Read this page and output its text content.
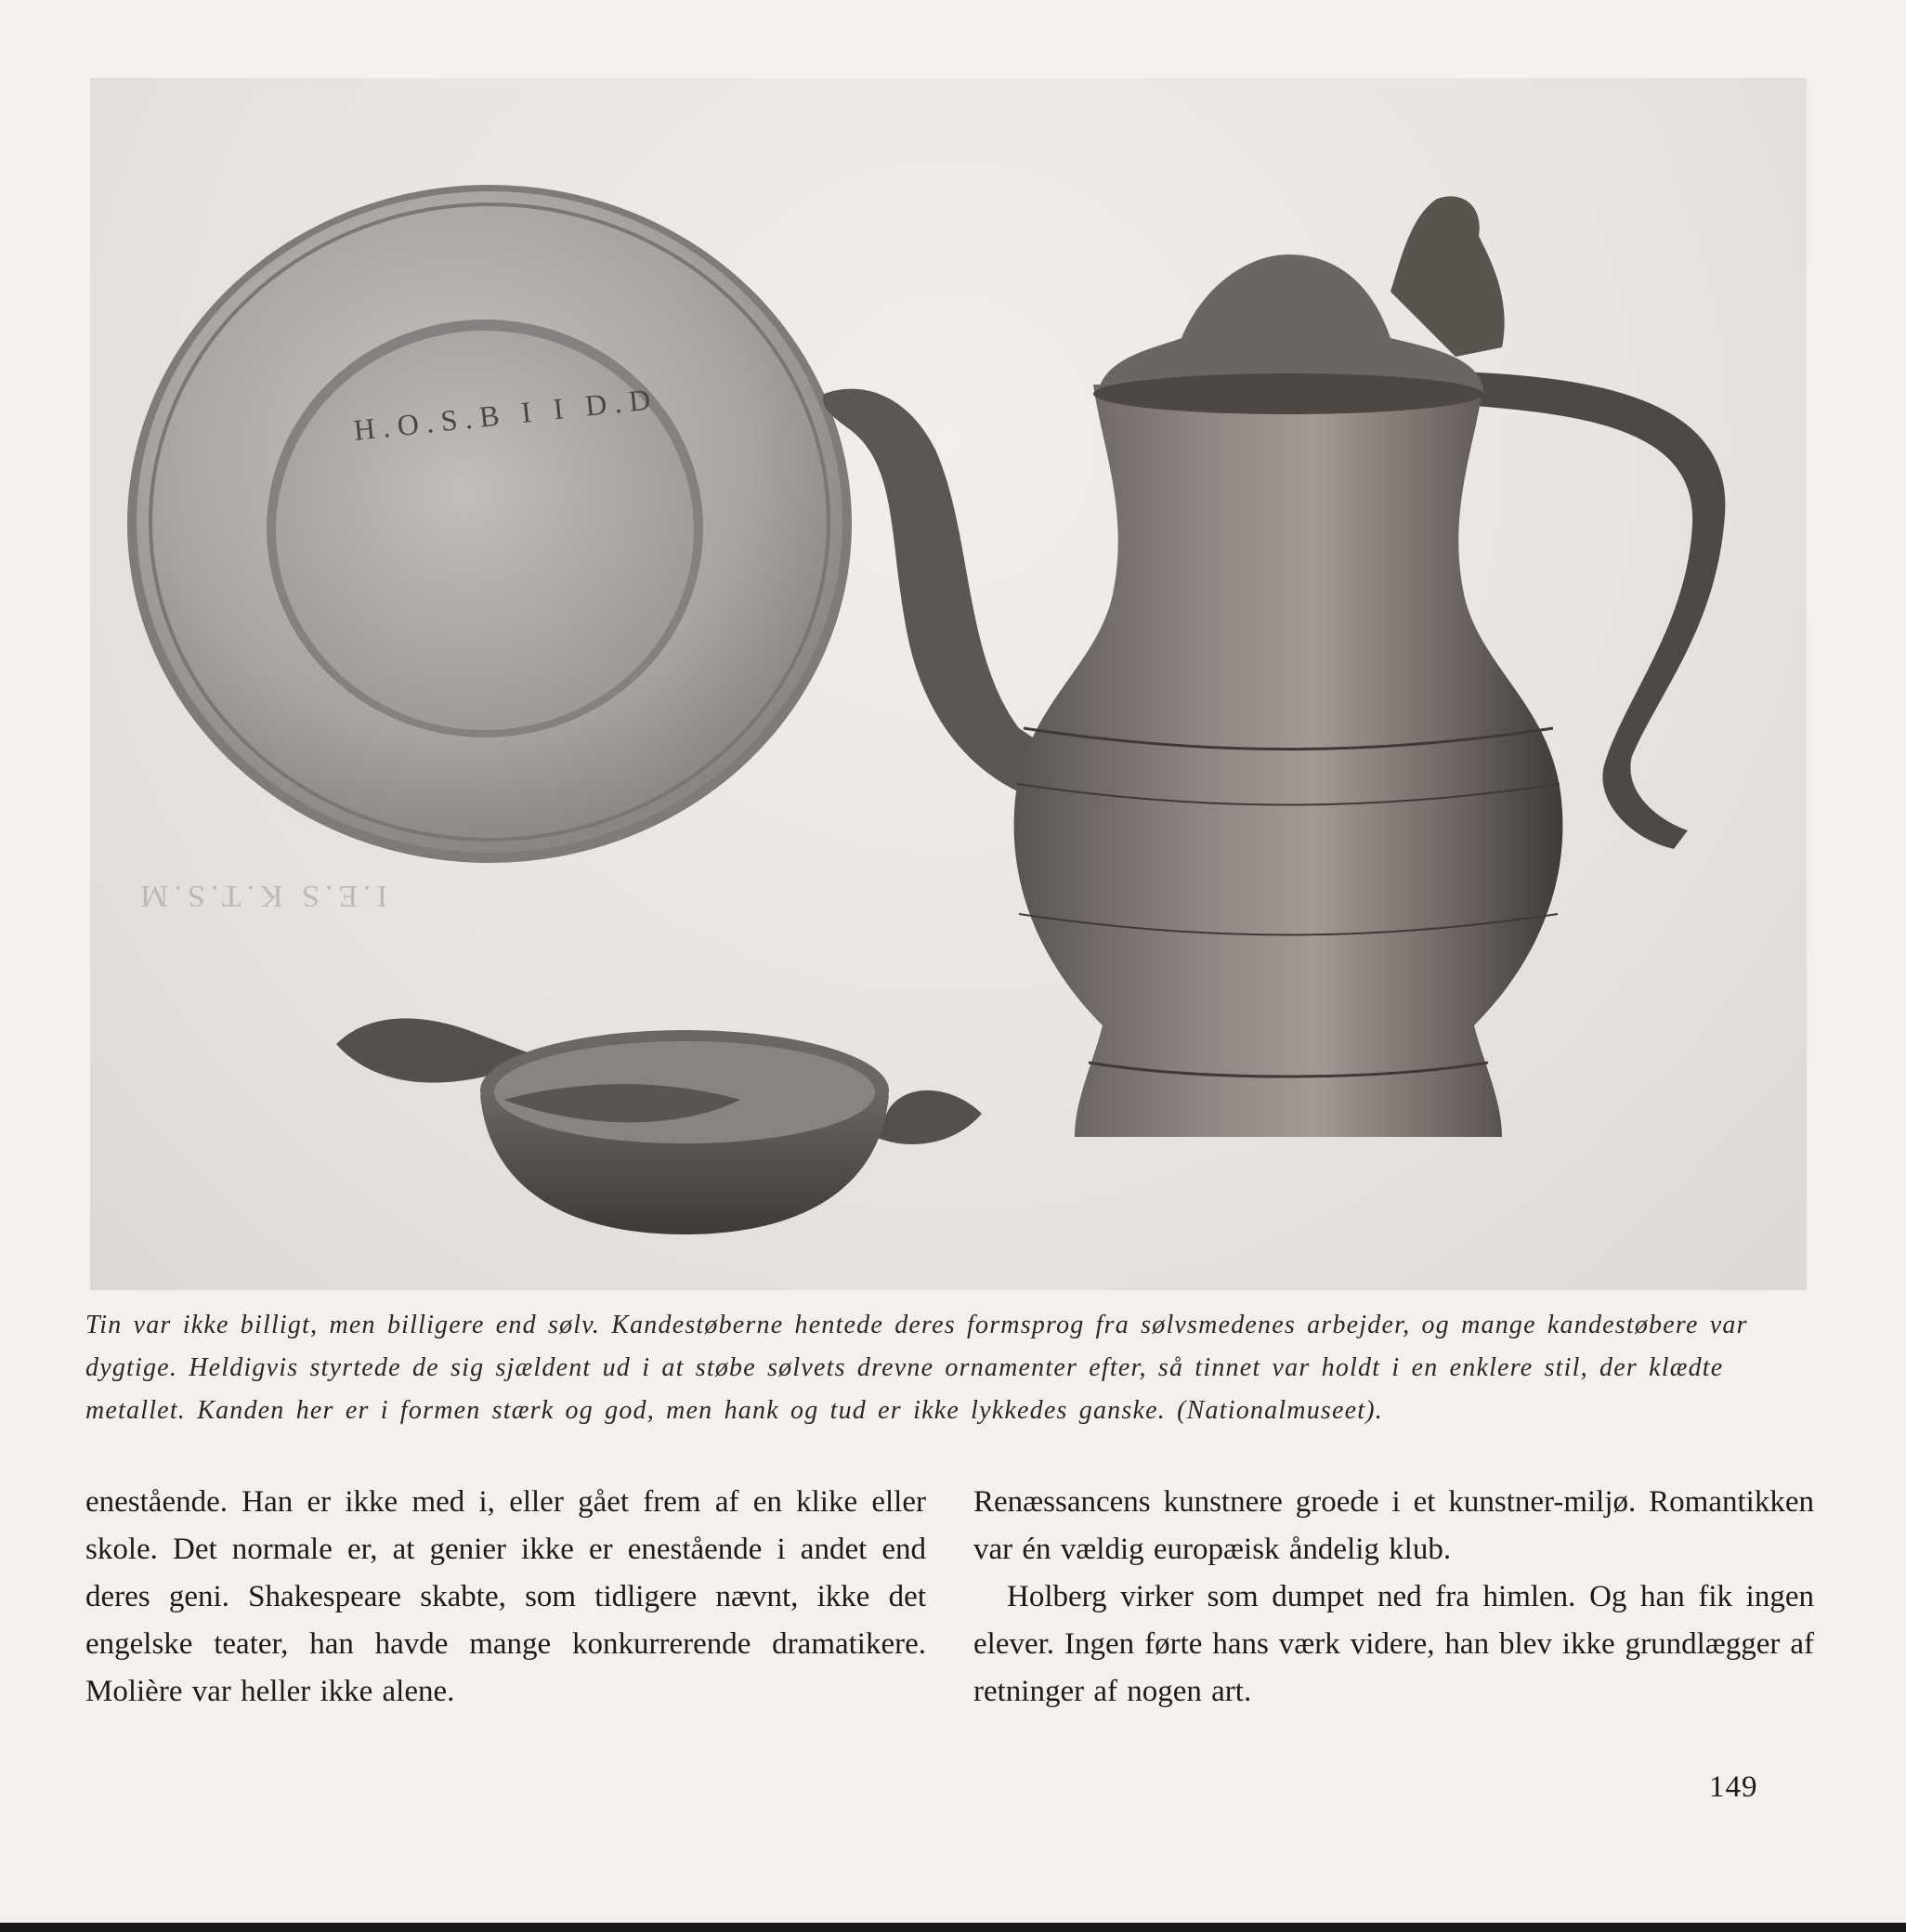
H.O.S.B I I D.D
I.E.S K.T.S.M
Tin var ikke billigt, men billigere end sølv. Kandestøberne hentede deres formsprog fra sølvsmedenes arbejder, og mange kandestøbere var dygtige. Heldigvis styrtede de sig sjældent ud i at støbe sølvets drevne ornamenter efter, så tinnet var holdt i en enklere stil, der klædte metallet. Kanden her er i formen stærk og god, men hank og tud er ikke lykkedes ganske. (Nationalmuseet).

enestående. Han er ikke med i, eller gået frem af en klike eller skole. Det normale er, at genier ikke er enestående i andet end deres geni. Shakespeare skabte, som tidligere nævnt, ikke det engelske teater, han havde mange konkurrerende dramatikere. Molière var heller ikke alene.

Renæssancens kunstnere groede i et kunstner-miljø. Romantikken var én vældig europæisk åndelig klub.

Holberg virker som dumpet ned fra himlen. Og han fik ingen elever. Ingen førte hans værk videre, han blev ikke grundlægger af retninger af nogen art.

149
